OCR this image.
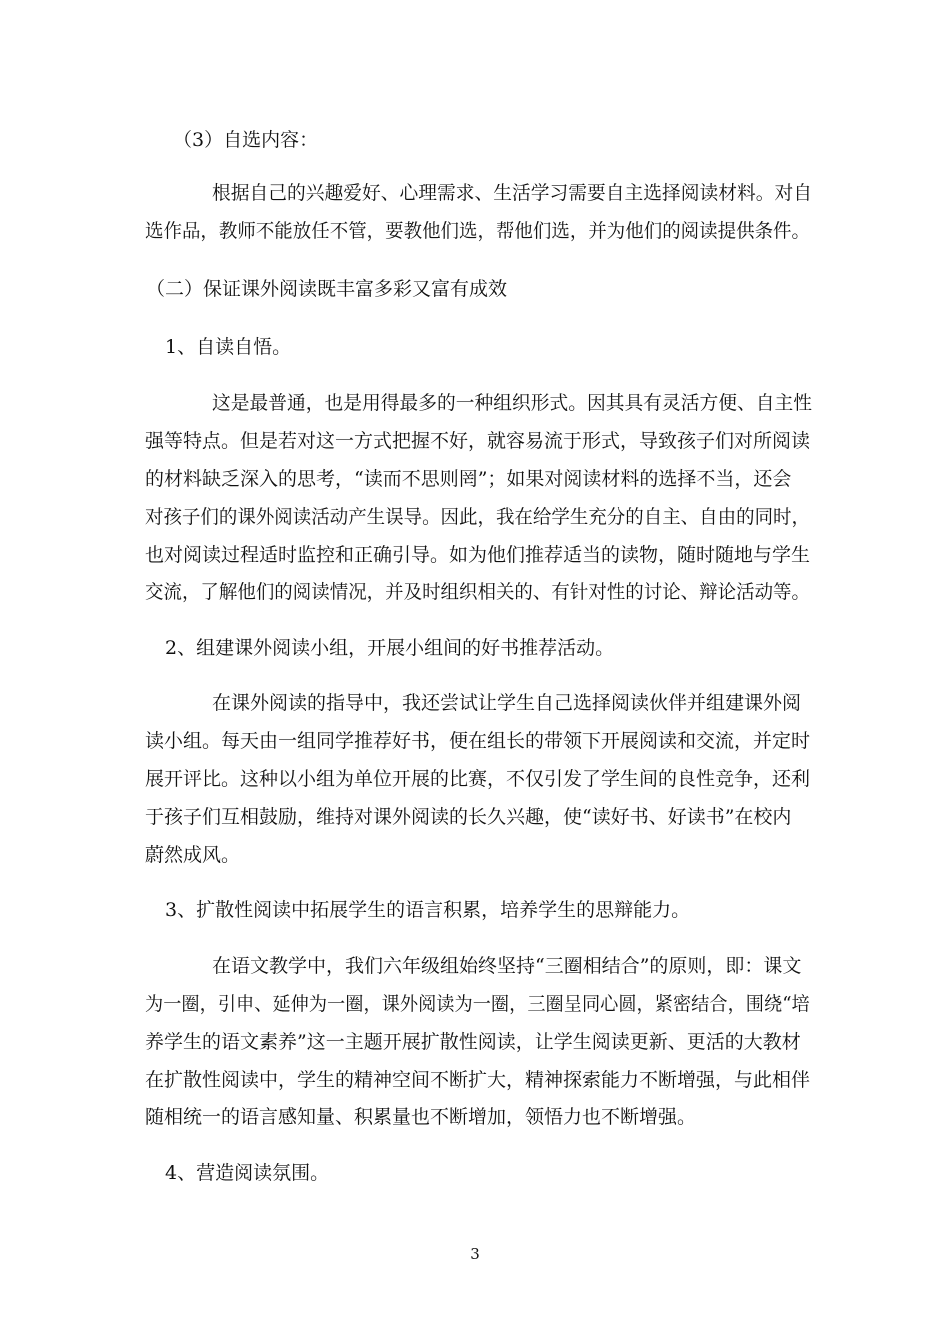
（3）自选内容：
根据自己的兴趣爱好、心理需求、生活学习需要自主选择阅读材料。对自
选作品，教师不能放任不管，要教他们选，帮他们选，并为他们的阅读提供条件。
（二）保证课外阅读既丰富多彩又富有成效
1、自读自悟。
这是最普通，也是用得最多的一种组织形式。因其具有灵活方便、自主性
强等特点。但是若对这一方式把握不好，就容易流于形式，导致孩子们对所阅读
的材料缺乏深入的思考，“读而不思则罔”；如果对阅读材料的选择不当，还会
对孩子们的课外阅读活动产生误导。因此，我在给学生充分的自主、自由的同时，
也对阅读过程适时监控和正确引导。如为他们推荐适当的读物，随时随地与学生
交流，了解他们的阅读情况，并及时组织相关的、有针对性的讨论、辩论活动等。
2、组建课外阅读小组，开展小组间的好书推荐活动。
在课外阅读的指导中，我还尝试让学生自己选择阅读伙伴并组建课外阅
读小组。每天由一组同学推荐好书，便在组长的带领下开展阅读和交流，并定时
展开评比。这种以小组为单位开展的比赛，不仅引发了学生间的良性竞争，还利
于孩子们互相鼓励，维持对课外阅读的长久兴趣，使“读好书、好读书”在校内
蔚然成风。
3、扩散性阅读中拓展学生的语言积累，培养学生的思辩能力。
在语文教学中，我们六年级组始终坚持“三圈相结合”的原则，即：课文
为一圈，引申、延伸为一圈，课外阅读为一圈，三圈呈同心圆，紧密结合，围绕“培
养学生的语文素养”这一主题开展扩散性阅读，让学生阅读更新、更活的大教材
在扩散性阅读中，学生的精神空间不断扩大，精神探索能力不断增强，与此相伴
随相统一的语言感知量、积累量也不断增加，领悟力也不断增强。
4、营造阅读氛围。
3
